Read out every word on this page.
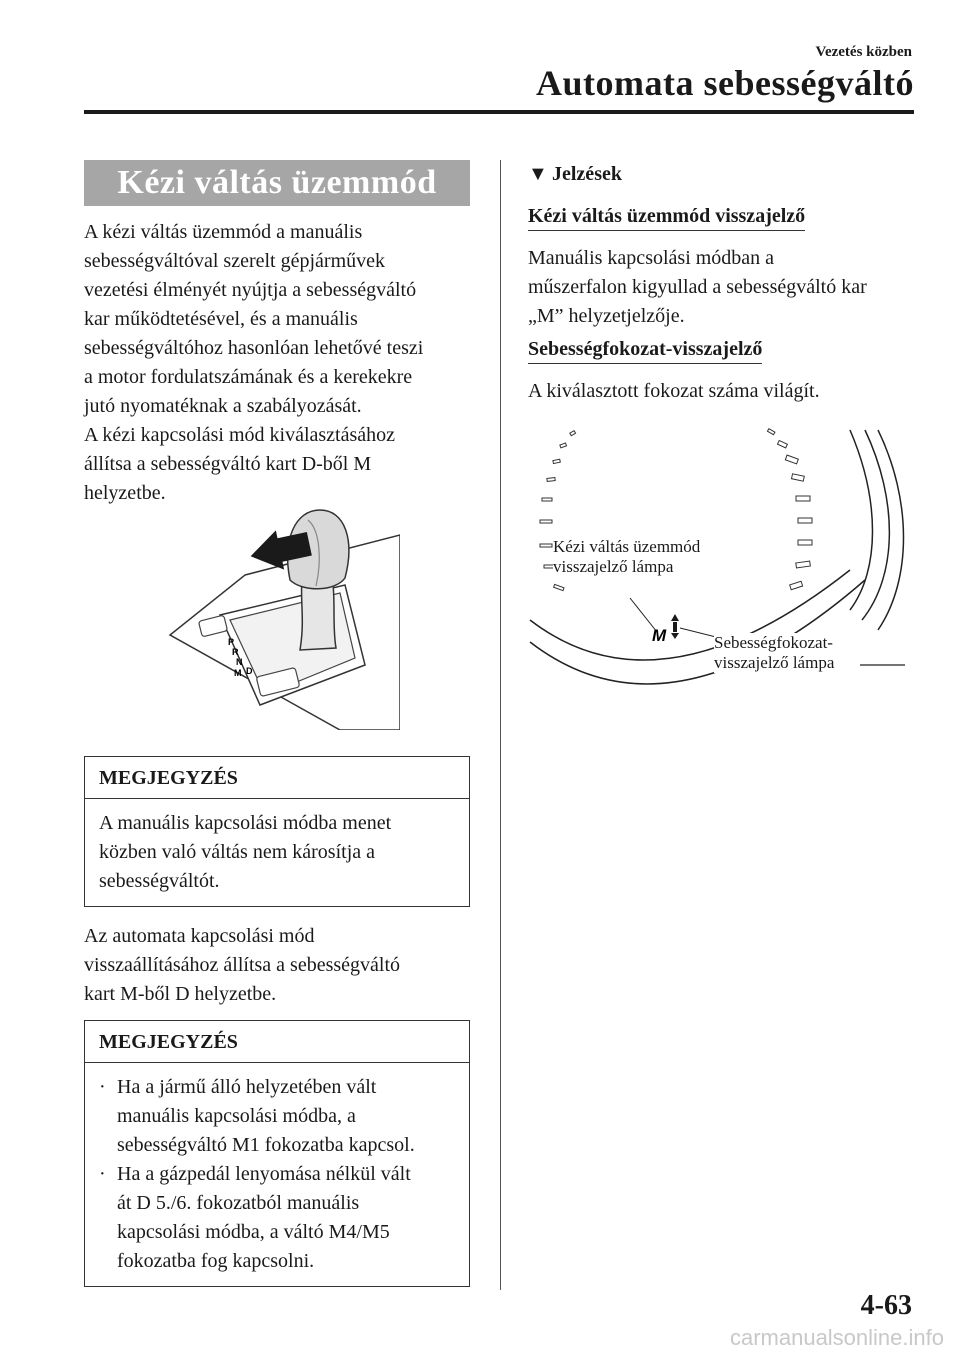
Vezetés közben
Automata sebességváltó
Kézi váltás üzemmód
A kézi váltás üzemmód a manuális
sebességváltóval szerelt gépjárművek
vezetési élményét nyújtja a sebességváltó
kar működtetésével, és a manuális
sebességváltóhoz hasonlóan lehetővé teszi
a motor fordulatszámának és a kerekekre
jutó nyomatéknak a szabályozását.
A kézi kapcsolási mód kiválasztásához
állítsa a sebességváltó kart D-ből M
helyzetbe.
P
R
N
D
M
MEGJEGYZÉS
A manuális kapcsolási módba menet
közben való váltás nem károsítja a
sebességváltót.
Az automata kapcsolási mód
visszaállításához állítsa a sebességváltó
kart M-ből D helyzetbe.
MEGJEGYZÉS
· Ha a jármű álló helyzetében vált
manuális kapcsolási módba, a
sebességváltó M1 fokozatba kapcsol.
· Ha a gázpedál lenyomása nélkül vált
át D 5./6. fokozatból manuális
kapcsolási módba, a váltó M4/M5
fokozatba fog kapcsolni.
▼ Jelzések
Kézi váltás üzemmód visszajelző
Manuális kapcsolási módban a
műszerfalon kigyullad a sebességváltó kar
„M” helyzetjelzője.
Sebességfokozat-visszajelző
A kiválasztott fokozat száma világít.
M
Kézi váltás üzemmód
visszajelző lámpa
Sebességfokozat-
visszajelző lámpa
4-63
carmanualsonline.info
